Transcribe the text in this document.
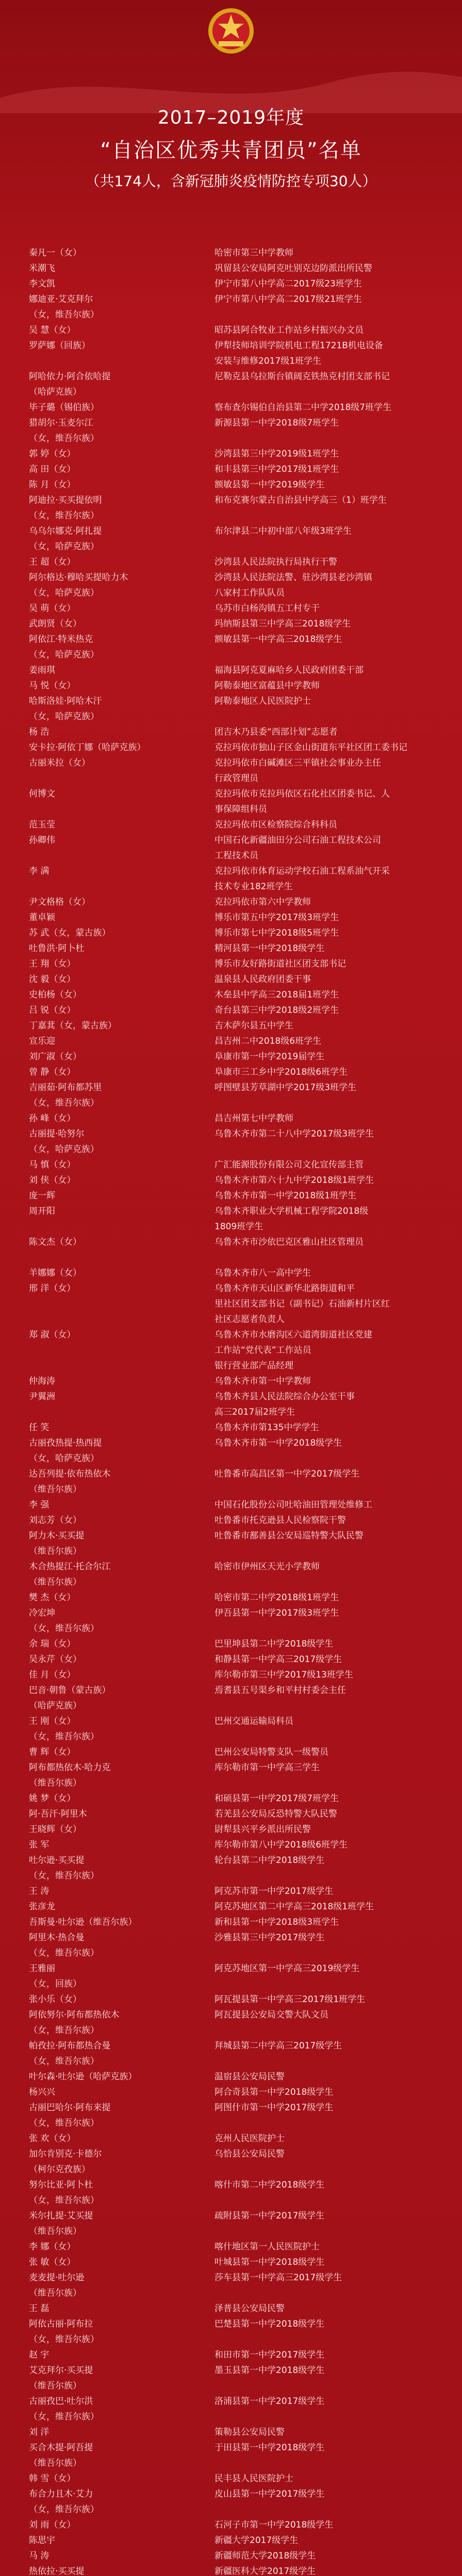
2017–2019年度
“自治区优秀共青团员”名单
（共174人，含新冠肺炎疫情防控专项30人）
秦凡一（女）	哈密市第三中学教师
米潮飞	巩留县公安局阿克吐别克边防派出所民警
李文凯	伊宁市第八中学高二2017级23班学生
娜迪亚·艾克拜尔	伊宁市第八中学高二2017级21班学生
（女，维吾尔族）
吴 慧（女）	昭苏县阿合牧业工作站乡村振兴办文员
罗萨娜（回族）	伊犁技师培训学院机电工程1721B机电设备
安装与维修2017级1班学生
阿哈依力·阿合依哈提	尼勒克县乌拉斯台镇阔克铁热克村团支部书记
（哈萨克族）
毕子璐（锡伯族）	察布查尔锡伯自治县第二中学2018级7班学生
猎胡尔·玉麦尔江	新源县第一中学2018级7班学生
（女，维吾尔族）
郭 婷（女）	沙湾县第三中学2019级1班学生
高 田（女）	和丰县第三中学2017级1班学生
陈 月（女）	额敏县第一中学2019级学生
阿迪拉·买买提依明	和布克赛尔蒙古自治县中学高三（1）班学生
（女，维吾尔族）
乌乌尔娜克·阿扎提	布尔津县二中初中部八年级3班学生
（女，哈萨克族）
王 超（女）	沙湾县人民法院执行局执行干警
阿尔格达·穆哈买提哈力木	沙湾县人民法院法警、驻沙湾县老沙湾镇
（女，哈萨克族）	八家村工作队队员
吴 萌（女）	乌苏市白杨沟镇五工村专干
武朗贤（女）	玛纳斯县第三中学高三2018级学生
阿依江·特米热克	额敏县第一中学高三2018级学生
（女，哈萨克族）
姜雨琪	福海县阿克夏麻哈乡人民政府团委干部
马 悦（女）	阿勒泰地区富蕴县中学教师
哈斯洛娃·阿哈木汗	阿勒泰地区人民医院护士
（女，哈萨克族）
杨 浩	团吉木乃县委“西部计划”志愿者
安卡拉·阿依丁娜（哈萨克族）	克拉玛依市独山子区金山街道东平社区团工委书记
古丽米拉（女）	克拉玛依市白碱滩区三平镇社会事业办主任
行政管理员
何博文	克拉玛依市克拉玛依区石化社区团委书记、人
事保障组科员
范玉莹	克拉玛依市区检察院综合科科员
孙卿伟	中国石化新疆油田分公司石油工程技术公司
工程技术员
李 满	克拉玛依市体育运动学校石油工程系油气开采
技术专业182班学生
尹文格格（女）	克拉玛依市第六中学教师
董卓颖	博乐市第五中学2017级3班学生
苏 武（女，蒙古族）	博乐市第七中学2018级5班学生
吐鲁洪·阿卜杜	精河县第一中学2018级学生
王 翔（女）	博乐市友好路街道社区团支部书记
沈 毅（女）	温泉县人民政府团委干事
史柏杨（女）	木垒县中学高三2018届1班学生
吕 锐（女）	奇台县第三中学2018级2班学生
丁嘉萁（女，蒙古族）	吉木萨尔县五中学生
宣乐迎	昌吉州二中2018级6班学生
刘广淑（女）	阜康市第一中学2019届学生
曾 静（女）	阜康市三工乡中学2018级6班学生
吉丽茹·阿布都苏里	呼图壁县芳草湖中学2017级3班学生
（女，维吾尔族）
孙 峰（女）	昌吉州第七中学教师
古丽提·哈努尔	乌鲁木齐市第二十八中学2017级3班学生
（女，哈萨克族）
马 慎（女）	广汇能源股份有限公司文化宣传部主管
刘 侠（女）	乌鲁木齐市第六十九中学2018级1班学生
庞一辉	乌鲁木齐市第一中学2018级1班学生
周开阳	乌鲁木齐职业大学机械工程学院2018级
1809班学生
陈文杰（女）	乌鲁木齐市沙依巴克区雅山社区管理员
羊娜娜（女）	乌鲁木齐市八一高中学生
邢 洋（女）	乌鲁木齐市天山区新华北路街道和平
里社区团支部书记（副书记）石油新村片区红
社区志愿者负责人
郑 淑（女）	乌鲁木齐市水磨沟区六道湾街道社区党建
工作站“党代表”工作站员
银行营业部产品经理
仲海涛	乌鲁木齐市第一中学教师
尹翼洲	乌鲁木齐县人民法院综合办公室干事
高三2017届2班学生
任 笑	乌鲁木齐市第135中学学生
古丽孜热提·热西提	乌鲁木齐市第一中学2018级学生
（女，哈萨克族）
达吾列提·依布热依木	吐鲁番市高昌区第一中学2017级学生
（维吾尔族）
李 强	中国石化股份公司吐哈油田管理处维修工
刘志芳（女）	吐鲁番市托克逊县人民检察院干警
阿力木·买买提	吐鲁番市鄯善县公安局巡特警大队民警
（维吾尔族）
木合热提江·托合尔江	哈密市伊州区天光小学教师
（维吾尔族）
樊 杰（女）	哈密市第二中学2018级1班学生
冷宏坤	伊吾县第一中学2017级3班学生
（女，维吾尔族）
余 瑞（女）	巴里坤县第二中学2018级学生
吴永芹（女）	和静县第一中学高三2017级学生
佳 月（女）	库尔勒市第三中学2017级13班学生
巴音·朝鲁（蒙古族）	焉耆县五号渠乡和平村村委会主任
（哈萨克族）
王 刚（女）	巴州交通运输局科员
（女，维吾尔族）
曹 辉（女）	巴州公安局特警支队一级警员
阿布都热依木·哈力克	库尔勒市第一中学高三学生
（维吾尔族）
姚 梦（女）	和硕县第一中学2017级7班学生
阿·吾汗·阿里木	若羌县公安局反恐特警大队民警
王晓辉（女）	尉犁县兴平乡派出所民警
张 军	库尔勒市第八中学2018级6班学生
吐尔逊·买买提	轮台县第二中学2018级学生
（女，维吾尔族）
王 涛	阿克苏市第一中学2017级学生
张彦龙	阿克苏地区第二中学高三2018级1班学生
吾斯曼·吐尔逊（维吾尔族）	新和县第一中学2018级3班学生
阿里木·热合曼	沙雅县第三中学2017级学生
（女，维吾尔族）
王雅丽	阿克苏地区第一中学高三2019级学生
（女，回族）
张小乐（女）	阿瓦提县第一中学高三2017级1班学生
阿依努尔·阿布都热依木	阿瓦提县公安局交警大队文员
（女，维吾尔族）
帕孜拉·阿布都热合曼	拜城县第二中学高三2017级学生
（女，维吾尔族）
叶尔森·吐尔逊（哈萨克族）	温宿县公安局民警
杨兴兴	阿合奇县第一中学2018级学生
古丽巴哈尔·阿布来提	阿图什市第一中学2017级学生
（女，维吾尔族）
张 欢（女）	克州人民医院护士
加尔肯别克·卡德尔	乌恰县公安局民警
（柯尔克孜族）
努尔比亚·阿卜杜	喀什市第二中学2018级学生
（女，维吾尔族）
米尔扎提·艾买提	疏附县第一中学2017级学生
（维吾尔族）
李 娜（女）	喀什地区第一人民医院护士
张 敏（女）	叶城县第一中学2018级学生
麦麦提·吐尔逊	莎车县第一中学高三2017级学生
（维吾尔族）
王 磊	泽普县公安局民警
阿依古丽·阿布拉	巴楚县第一中学2018级学生
（女，维吾尔族）
赵 宇	和田市第一中学2017级学生
艾克拜尔·买买提	墨玉县第一中学2018级学生
（维吾尔族）
古丽孜巴·吐尔洪	洛浦县第一中学2017级学生
（女，维吾尔族）
刘 洋	策勒县公安局民警
买合木提·阿吾提	于田县第一中学2018级学生
（维吾尔族）
韩 雪（女）	民丰县人民医院护士
布合力且木·艾力	皮山县第一中学2017级学生
（女，维吾尔族）
刘 雨（女）	石河子市第一中学2018级学生
陈思宇	新疆大学2017级学生
马 涛	新疆师范大学2018级学生
热依拉·买买提	新疆医科大学2017级学生
